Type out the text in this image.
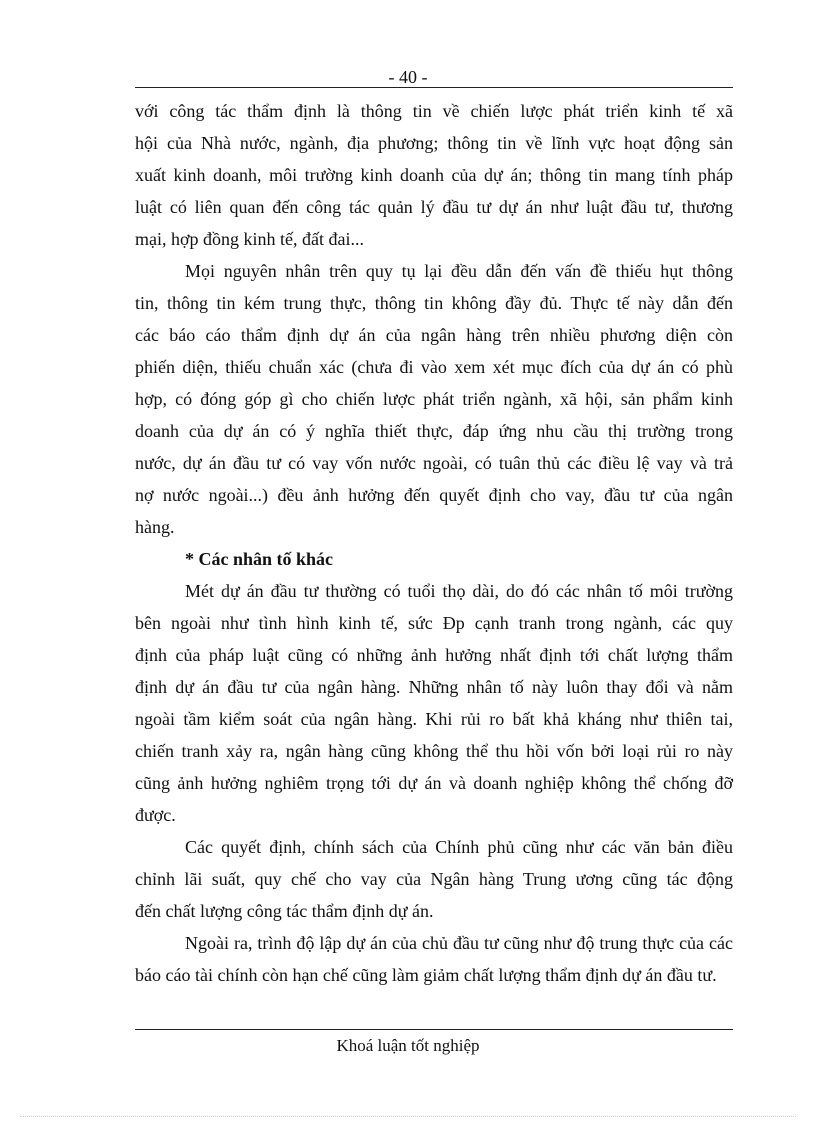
- 40 -

với công tác thẩm định là thông tin về chiến lược phát triển kinh tế xã
hội của Nhà nước, ngành, địa phương; thông tin về lĩnh vực hoạt động sản
xuất kinh doanh, môi trường kinh doanh của dự án; thông tin mang tính pháp
luật có liên quan đến công tác quản lý đầu tư dự án như luật đầu tư, thương
mại, hợp đồng kinh tế, đất đai...

Mọi nguyên nhân trên quy tụ lại đều dẫn đến vấn đề thiếu hụt thông
tin, thông tin kém trung thực, thông tin không đầy đủ. Thực tế này dẫn đến
các báo cáo thẩm định dự án của ngân hàng trên nhiều phương diện còn
phiến diện, thiếu chuẩn xác (chưa đi vào xem xét mục đích của dự án có phù
hợp, có đóng góp gì cho chiến lược phát triển ngành, xã hội, sản phẩm kinh
doanh của dự án có ý nghĩa thiết thực, đáp ứng nhu cầu thị trường trong
nước, dự án đầu tư có vay vốn nước ngoài, có tuân thủ các điều lệ vay và trả
nợ nước ngoài...) đều ảnh hưởng đến quyết định cho vay, đầu tư của ngân
hàng.

* Các nhân tố khác

Mét dự án đầu tư thường có tuổi thọ dài, do đó các nhân tố môi trường
bên ngoài như tình hình kinh tế, sức Ðp cạnh tranh trong ngành, các quy
định của pháp luật cũng có những ảnh hưởng nhất định tới chất lượng thẩm
định dự án đầu tư của ngân hàng. Những nhân tố này luôn thay đổi và nằm
ngoài tầm kiểm soát của ngân hàng. Khi rủi ro bất khả kháng như thiên tai,
chiến tranh xảy ra, ngân hàng cũng không thể thu hồi vốn bởi loại rủi ro này
cũng ảnh hưởng nghiêm trọng tới dự án và doanh nghiệp không thể chống đỡ
được.

Các quyết định, chính sách của Chính phủ cũng như các văn bản điều
chỉnh lãi suất, quy chế cho vay của Ngân hàng Trung ương cũng tác động
đến chất lượng công tác thẩm định dự án.

Ngoài ra, trình độ lập dự án của chủ đầu tư cũng như độ trung thực của các
báo cáo tài chính còn hạn chế cũng làm giảm chất lượng thẩm định dự án đầu tư.

Khoá luận tốt nghiệp
